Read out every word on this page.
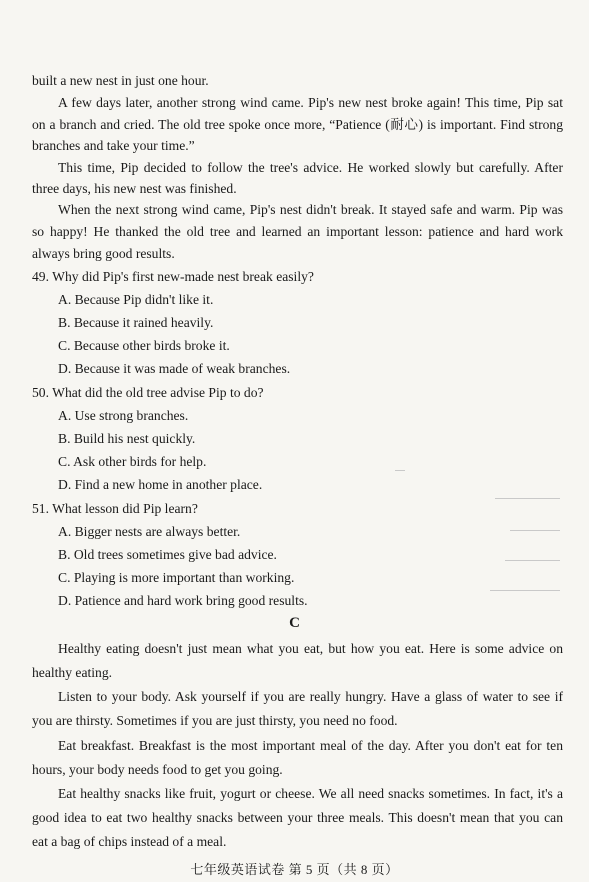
built a new nest in just one hour.
A few days later, another strong wind came. Pip's new nest broke again! This time, Pip sat
on a branch and cried. The old tree spoke once more, “Patience (耐心) is important. Find strong
branches and take your time.”
This time, Pip decided to follow the tree's advice. He worked slowly but carefully. After
three days, his new nest was finished.
When the next strong wind came, Pip's nest didn't break. It stayed safe and warm. Pip was
so happy! He thanked the old tree and learned an important lesson: patience and hard work
always bring good results.
49. Why did Pip's first new-made nest break easily?
A. Because Pip didn't like it.
B. Because it rained heavily.
C. Because other birds broke it.
D. Because it was made of weak branches.
50. What did the old tree advise Pip to do?
A. Use strong branches.
B. Build his nest quickly.
C. Ask other birds for help.
D. Find a new home in another place.
51. What lesson did Pip learn?
A. Bigger nests are always better.
B. Old trees sometimes give bad advice.
C. Playing is more important than working.
D. Patience and hard work bring good results.
C
Healthy eating doesn't just mean what you eat, but how you eat. Here is some advice on
healthy eating.
Listen to your body. Ask yourself if you are really hungry. Have a glass of water to see if
you are thirsty. Sometimes if you are just thirsty, you need no food.
Eat breakfast. Breakfast is the most important meal of the day. After you don't eat for ten
hours, your body needs food to get you going.
Eat healthy snacks like fruit, yogurt or cheese. We all need snacks sometimes. In fact, it's a
good idea to eat two healthy snacks between your three meals. This doesn't mean that you can
eat a bag of chips instead of a meal.
七年级英语试卷 第 5 页（共 8 页）
